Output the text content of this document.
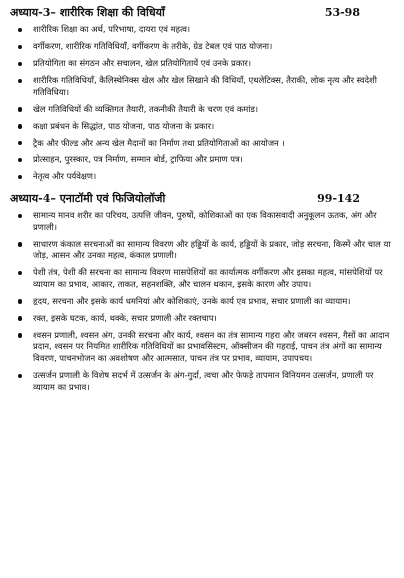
अध्याय-3– शारीरिक शिक्षा की विधियाँ	53-98
शारीरिक शिक्षा का अर्थ, परिभाषा, दायरा एवं महत्व।
वर्गीकरण, शारीरिक गतिविधियाँ, वर्गीकरण के तरीके, ग्रेड टेबल एवं पाठ योजना।
प्रतियोगिता का संगठन और सचालन, खेल प्रतियोगितायें एवं उनके प्रकार।
शारीरिक गतिविधियाँ, कैलिस्थेनिक्स खेल और खेल सिखाने की विधियाँ, एथलेटिक्स, तैराकी, लोक नृत्य और स्वदेशी गतिविधिया।
खेल गतिविधियों की व्यक्तिगत तैयारी, तकनीकी तैयारी के चरण एवं कमांड।
कक्षा प्रबंधन के सिद्धांत, पाठ योजना, पाठ योजना के प्रकार।
ट्रैक और फील्ड और अन्य खेल मैदानों का निर्माण तथा प्रतियोगिताओं का आयोजन ।
प्रोत्साहन, पुरस्कार, पत्र निर्माण, सम्मान बोर्ड, ट्राफिया और प्रमाण पत्र।
नेतृत्व और पर्यवेक्षण।
अध्याय-4– एनाटॉमी एवं फिजियोलॉजी	99-142
सामान्य मानव शरीर का परिचय, उत्पत्ति जीवन, पुरुषों, कोशिकाओं का एक विकासवादी अनुकूलन ऊतक, अंग और प्रणाली।
साधारण कंकाल सरचनाओं का सामान्य विवरण और हड्डियों के कार्य, हड्डियों के प्रकार, जोड़ सरचना, किस्में और चाल या जोड़, आसन और उनका महत्व, कंकाल प्रणाली।
पेशी तंत्र, पेशी की सरचना का सामान्य विवरण मासपेशियों का कार्यात्मक वर्गीकरण और इसका महत्व, मांसपेशियों पर व्यायाम का प्रभाव, आकार, ताकत, सहनशक्ति, और चालन थकान, इसके कारण और उपाय।
हृदय, सरचना और इसके कार्य धमनियां और कोशिकाएं, उनके कार्य एव प्रभाव, सचार प्रणाली का व्यायाम।
रक्त, इसके घटक, कार्य, थक्के, सचार प्रणाली और रक्तचाप।
श्वसन प्रणाली, श्वसन अंग, उनकी सरचना और कार्य, श्वसन का तंत्र सामान्य गहरा और जबरन श्वसन, गैसों का आदान प्रदान, श्वसन पर नियमित शारीरिक गतिविधियों का प्रभावसिस्टम, ऑक्सीजन की गहराई, पाचन तंत्र अंगों का सामान्य विवरण, पाचनभोजन का अवशोषण और आत्मसात, पाचन तंत्र पर प्रभाव, व्यायाम, उपापचय।
उत्सर्जन प्रणाली के विशेष सदर्भ में उत्सर्जन के अंग-गुर्दा, त्वचा और फेफड़े तापमान विनियमन उत्सर्जन, प्रणाली पर व्यायाम का प्रभाव।
